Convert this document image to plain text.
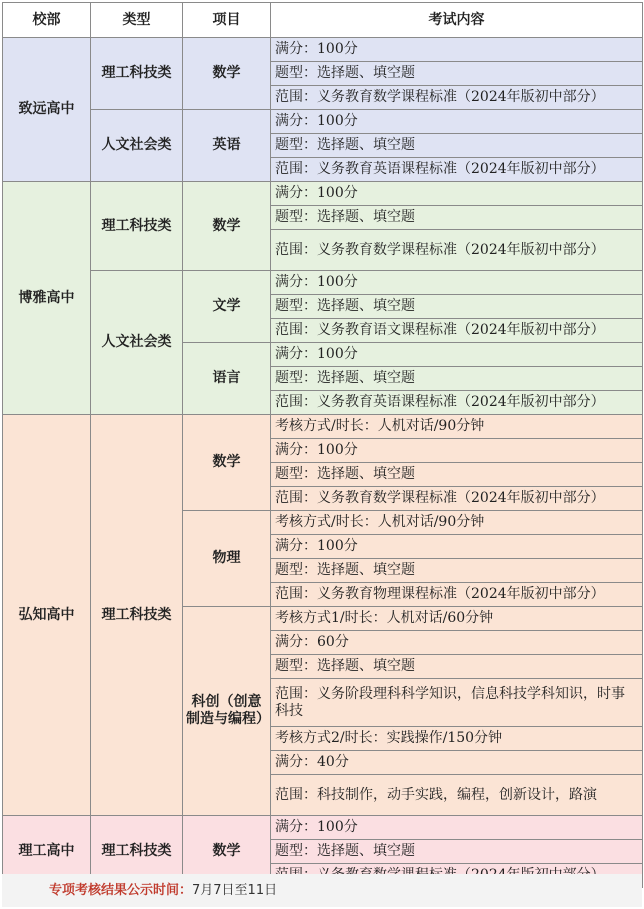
校部	类型	项目	考试内容
致远高中	理工科技类	数学	满分：100分
			题型：选择题、填空题
			范围：义务教育数学课程标准（2024年版初中部分）
	人文社会类	英语	满分：100分
			题型：选择题、填空题
			范围：义务教育英语课程标准（2024年版初中部分）
博雅高中	理工科技类	数学	满分：100分
			题型：选择题、填空题
			范围：义务教育数学课程标准（2024年版初中部分）
	人文社会类	文学	满分：100分
			题型：选择题、填空题
			范围：义务教育语文课程标准（2024年版初中部分）
		语言	满分：100分
			题型：选择题、填空题
			范围：义务教育英语课程标准（2024年版初中部分）
弘知高中	理工科技类	数学	考核方式/时长：人机对话/90分钟
			满分：100分
			题型：选择题、填空题
			范围：义务教育数学课程标准（2024年版初中部分）
		物理	考核方式/时长：人机对话/90分钟
			满分：100分
			题型：选择题、填空题
			范围：义务教育物理课程标准（2024年版初中部分）
		科创（创意制造与编程）	考核方式1/时长：人机对话/60分钟
			满分：60分
			题型：选择题、填空题
			范围：义务阶段理科科学知识，信息科技学科知识，时事科技
			考核方式2/时长：实践操作/150分钟
			满分：40分
			范围：科技制作，动手实践，编程，创新设计，路演
理工高中	理工科技类	数学	满分：100分
			题型：选择题、填空题

专项考核结果公示时间：7月7日至11日
